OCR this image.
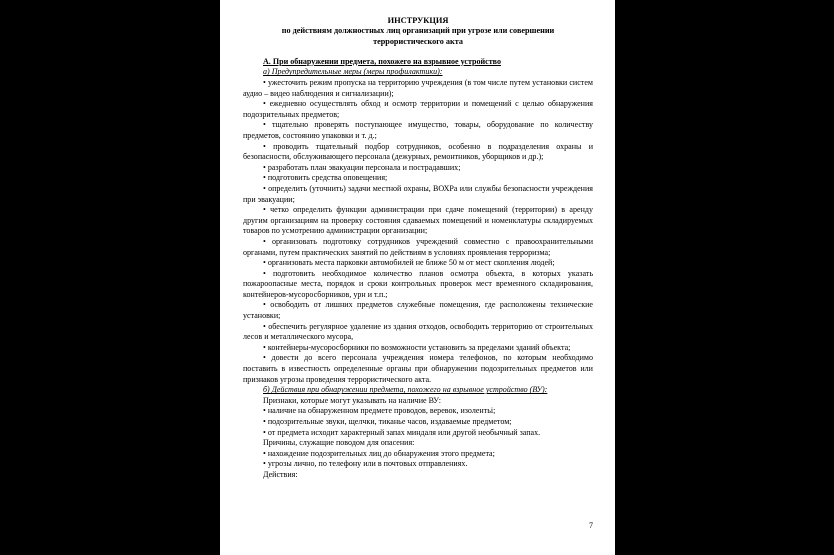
ИНСТРУКЦИЯ
по действиям должностных лиц организаций при угрозе или совершении террористического акта
А. При обнаружении предмета, похожего на взрывное устройство
а) Предупредительные меры (меры профилактики):
• ужесточить режим пропуска на территорию учреждения (в том числе путем установки систем аудио – видео наблюдения и сигнализации);
• ежедневно осуществлять обход и осмотр территории и помещений с целью обнаружения подозрительных предметов;
• тщательно проверять поступающее имущество, товары, оборудование по количеству предметов, состоянию упаковки и т. д.;
• проводить тщательный подбор сотрудников, особенно в подразделения охраны и безопасности, обслуживающего персонала (дежурных, ремонтников, уборщиков и др.);
• разработать план эвакуации персонала и пострадавших;
• подготовить средства оповещения;
• определить (уточнить) задачи местной охраны, ВОХРа или службы безопасности учреждения при эвакуации;
• четко определить функции администрации при сдаче помещений (территории) в аренду другим организациям на проверку состояния сдаваемых помещений и номенклатуры складируемых товаров по усмотрению администрации организации;
• организовать подготовку сотрудников учреждений совместно с правоохранительными органами, путем практических занятий по действиям в условиях проявления терроризма;
• организовать места парковки автомобилей не ближе 50 м от мест скопления людей;
• подготовить необходимое количество планов осмотра объекта, в которых указать пожароопасные места, порядок и сроки контрольных проверок мест временного складирования, контейнеров-мусоросборников, урн и т.п.;
• освободить от лишних предметов служебные помещения, где расположены технические установки;
• обеспечить регулярное удаление из здания отходов, освободить территорию от строительных лесов и металлического мусора,
• контейнеры-мусоросборники по возможности установить за пределами зданий объекта;
• довести до всего персонала учреждения номера телефонов, по которым необходимо поставить в известность определенные органы при обнаружении подозрительных предметов или признаков угрозы проведения террористического акта.
б) Действия при обнаружении предмета, похожего на взрывное устройство (ВУ):
Признаки, которые могут указывать на наличие ВУ:
• наличие на обнаруженном предмете проводов, веревок, изолентьі;
• подозрительные звуки, щелчки, тиканье часов, издаваемые предметом;
• от предмета исходит характерный запах миндаля или другой необычный запах.
Причины, служащие поводом для опасения:
• нахождение подозрительных лиц до обнаружения этого предмета;
• угрозы лично, по телефону или в почтовых отправлениях.
Действия:
7
